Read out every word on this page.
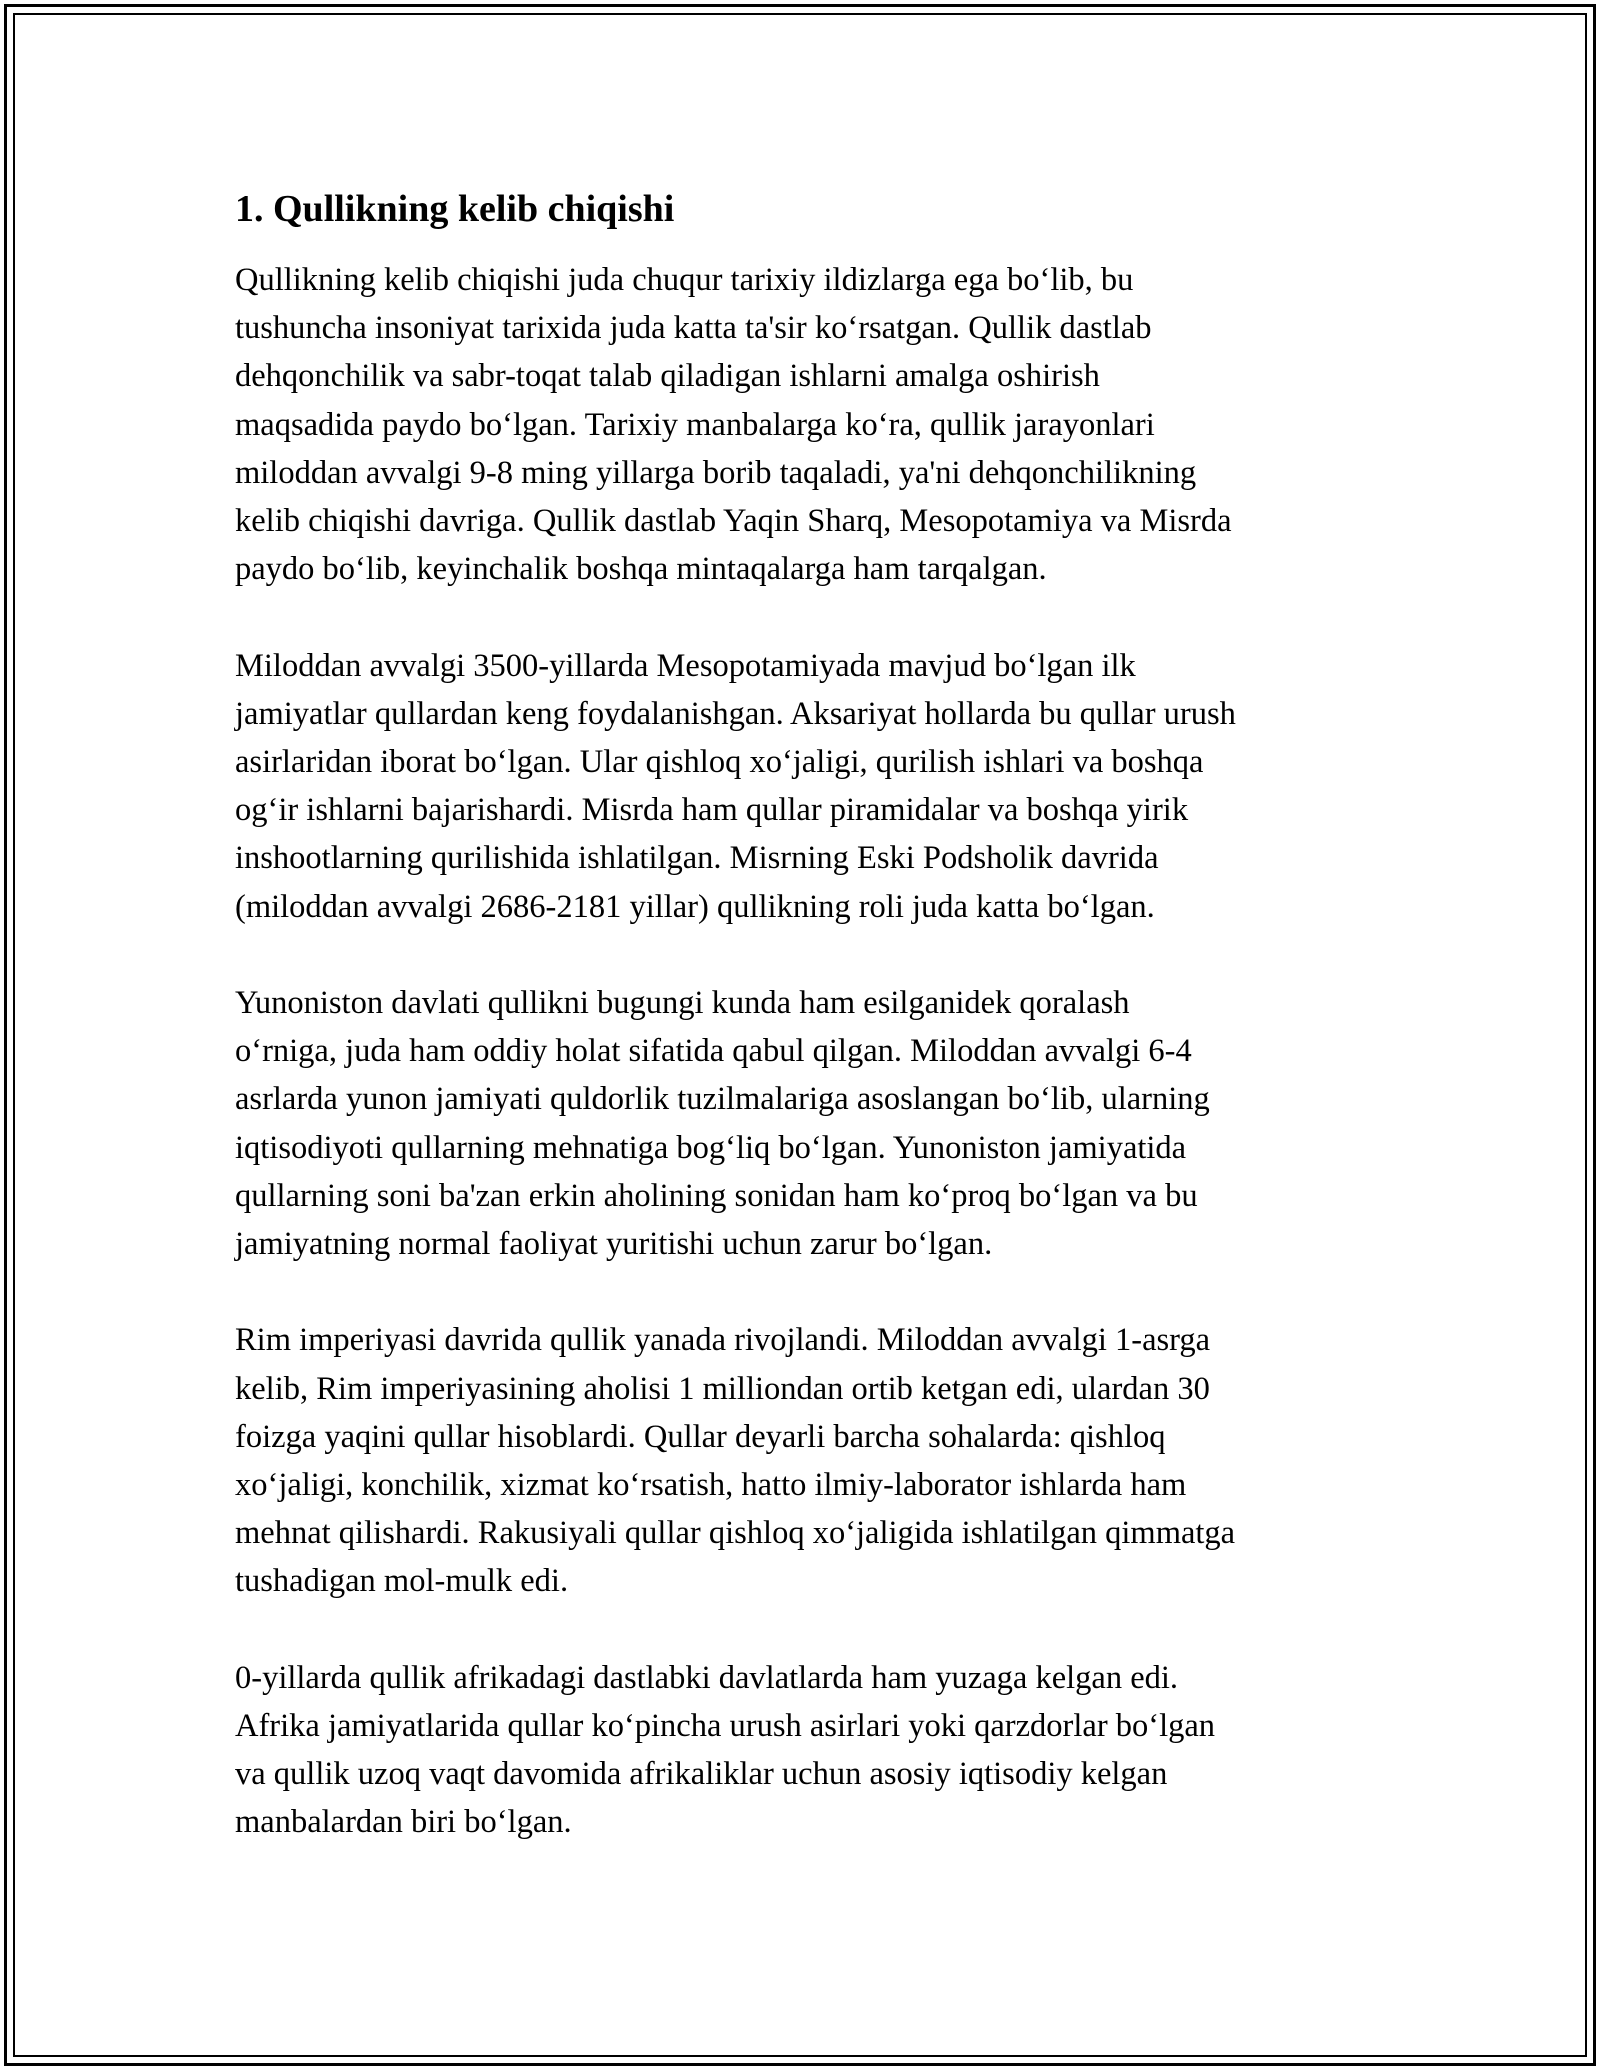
1. Qullikning kelib chiqishi

Qullikning kelib chiqishi juda chuqur tarixiy ildizlarga ega boʻlib, bu
tushuncha insoniyat tarixida juda katta ta'sir koʻrsatgan. Qullik dastlab
dehqonchilik va sabr-toqat talab qiladigan ishlarni amalga oshirish
maqsadida paydo boʻlgan. Tarixiy manbalarga koʻra, qullik jarayonlari
miloddan avvalgi 9-8 ming yillarga borib taqaladi, ya'ni dehqonchilikning
kelib chiqishi davriga. Qullik dastlab Yaqin Sharq, Mesopotamiya va Misrda
paydo boʻlib, keyinchalik boshqa mintaqalarga ham tarqalgan.

Miloddan avvalgi 3500-yillarda Mesopotamiyada mavjud boʻlgan ilk
jamiyatlar qullardan keng foydalanishgan. Aksariyat hollarda bu qullar urush
asirlaridan iborat boʻlgan. Ular qishloq xoʻjaligi, qurilish ishlari va boshqa
ogʻir ishlarni bajarishardi. Misrda ham qullar piramidalar va boshqa yirik
inshootlarning qurilishida ishlatilgan. Misrning Eski Podsholik davrida
(miloddan avvalgi 2686-2181 yillar) qullikning roli juda katta boʻlgan.

Yunoniston davlati qullikni bugungi kunda ham esilganidek qoralash
oʻrniga, juda ham oddiy holat sifatida qabul qilgan. Miloddan avvalgi 6-4
asrlarda yunon jamiyati quldorlik tuzilmalariga asoslangan boʻlib, ularning
iqtisodiyoti qullarning mehnatiga bogʻliq boʻlgan. Yunoniston jamiyatida
qullarning soni ba'zan erkin aholining sonidan ham koʻproq boʻlgan va bu
jamiyatning normal faoliyat yuritishi uchun zarur boʻlgan.

Rim imperiyasi davrida qullik yanada rivojlandi. Miloddan avvalgi 1-asrga
kelib, Rim imperiyasining aholisi 1 milliondan ortib ketgan edi, ulardan 30
foizga yaqini qullar hisoblardi. Qullar deyarli barcha sohalarda: qishloq
xoʻjaligi, konchilik, xizmat koʻrsatish, hatto ilmiy-laborator ishlarda ham
mehnat qilishardi. Rakusiyali qullar qishloq xoʻjaligida ishlatilgan qimmatga
tushadigan mol-mulk edi.

0-yillarda qullik afrikadagi dastlabki davlatlarda ham yuzaga kelgan edi.
Afrika jamiyatlarida qullar koʻpincha urush asirlari yoki qarzdorlar boʻlgan
va qullik uzoq vaqt davomida afrikaliklar uchun asosiy iqtisodiy kelgan
manbalardan biri boʻlgan.
